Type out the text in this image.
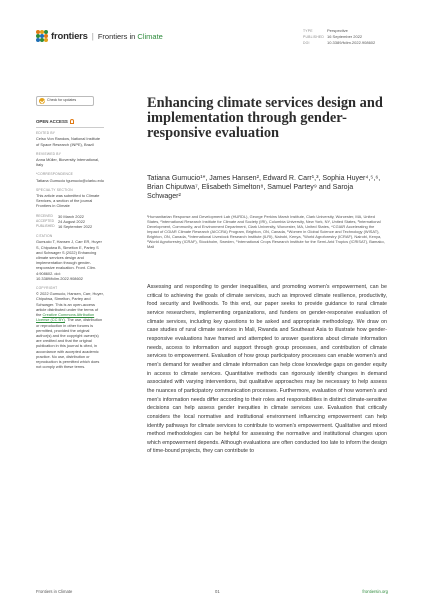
frontiers | Frontiers in Climate
TYPE	Perspective
PUBLISHED 16 September 2022
DOI	10.3389/fclim.2022.908602
Check for updates
OPEN ACCESS
EDITED BY
Celso Von Randow, National Institute of Space Research (INPE), Brazil
REVIEWED BY
Anna Müller, Bioversity International, Italy
*CORRESPONDENCE
Tatiana Gumucio tgumucio@clarku.edu
SPECIALTY SECTION
This article was submitted to Climate Services, a section of the journal Frontiers in Climate
RECEIVED	30 March 2022
ACCEPTED	24 August 2022
PUBLISHED 16 September 2022
CITATION
Gumucio T, Hansen J, Carr ER, Huyer S, Chiputwa B, Simelton E, Partey S and Schwager S (2022) Enhancing climate services design and implementation through gender-responsive evaluation. Front. Clim. 4:908602. doi: 10.3389/fclim.2022.908602
COPYRIGHT
© 2022 Gumucio, Hansen, Carr, Huyer, Chiputwa, Simelton, Partey and Schwager. This is an open-access article distributed under the terms of the Creative Commons Attribution License (CC BY). The use, distribution or reproduction in other forums is permitted, provided the original author(s) and the copyright owner(s) are credited and that the original publication in this journal is cited, in accordance with accepted academic practice. No use, distribution or reproduction is permitted which does not comply with these terms.
Enhancing climate services design and implementation through gender-responsive evaluation
Tatiana Gumucio¹*, James Hansen², Edward R. Carr¹,³, Sophia Huyer⁴,⁵,⁶, Brian Chiputwa⁷, Elisabeth Simelton⁸, Samuel Partey⁹ and Saroja Schwager²
¹Humanitarian Response and Development Lab (HURDL), George Perkins Marsh Institute, Clark University, Worcester, MA, United States, ²International Research Institute for Climate and Society (IRI), Columbia University, New York, NY, United States, ³International Development, Community, and Environment Department, Clark University, Worcester, MA, United States, ⁴CGIAR Accelerating the Impact of CGIAR Climate Research (AICCRA) Program, Brighton, ON, Canada, ⁵Women in Global Science and Technology (WISAT), Brighton, ON, Canada, ⁶International Livestock Research Institute (ILRI), Nairobi, Kenya, ⁷World Agroforestry (ICRAF), Nairobi, Kenya, ⁸World Agroforestry (ICRAF), Stockholm, Sweden, ⁹International Crops Research Institute for the Semi-Arid Tropics (ICRISAT), Bamako, Mali
Assessing and responding to gender inequalities, and promoting women's empowerment, can be critical to achieving the goals of climate services, such as improved climate resilience, productivity, food security and livelihoods. To this end, our paper seeks to provide guidance to rural climate service researchers, implementing organizations, and funders on gender-responsive evaluation of climate services, including key questions to be asked and appropriate methodology. We draw on case studies of rural climate services in Mali, Rwanda and Southeast Asia to illustrate how gender-responsive evaluations have framed and attempted to answer questions about climate information needs, access to information and support through group processes, and contribution of climate services to empowerment. Evaluation of how group participatory processes can enable women's and men's demand for weather and climate information can help close knowledge gaps on gender equity in access to climate services. Quantitative methods can rigorously identify changes in demand associated with varying interventions, but qualitative approaches may be necessary to help assess the nuances of participatory communication processes. Furthermore, evaluation of how women's and men's information needs differ according to their roles and responsibilities in distinct climate-sensitive decisions can help assess gender inequities in climate services use. Evaluation that critically considers the local normative and institutional environment influencing empowerment can help identify pathways for climate services to contribute to women's empowerment. Qualitative and mixed method methodologies can be helpful for assessing the normative and institutional changes upon which empowerment depends. Although evaluations are often conducted too late to inform the design of time-bound projects, they can contribute to
Frontiers in Climate	01	frontiersin.org
